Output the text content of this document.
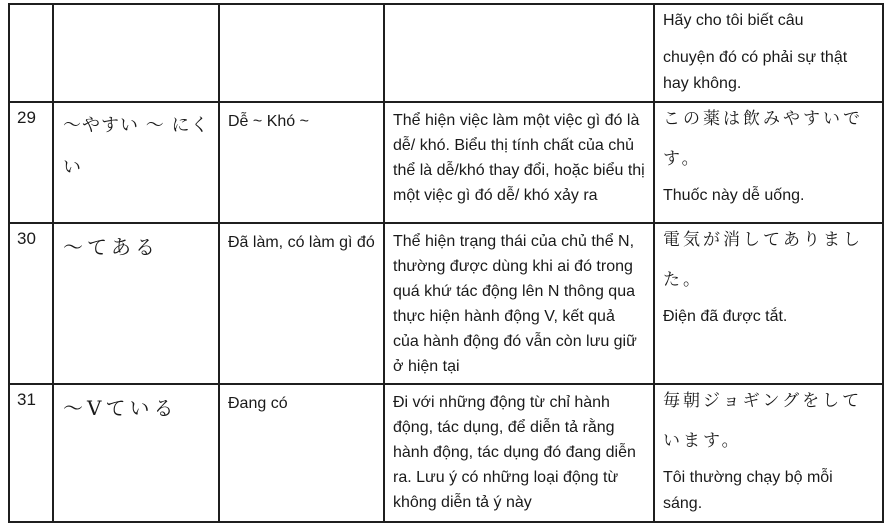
				Hãy cho tôi biết câu

chuyện đó có phải sự thật hay không.

29	〜やすい 〜 にくい	Dễ ~ Khó ~	Thể hiện việc làm một việc gì đó là dễ/ khó. Biểu thị tính chất của chủ thể là dễ/khó thay đổi, hoặc biểu thị một việc gì đó dễ/ khó xảy ra	この薬は飲みやすいです。

Thuốc này dễ uống.

30	〜てある	Đã làm, có làm gì đó	Thể hiện trạng thái của chủ thể N, thường được dùng khi ai đó trong quá khứ tác động lên N thông qua thực hiện hành động V, kết quả của hành động đó vẫn còn lưu giữ ở hiện tại	電気が消してありました。

Điện đã được tắt.

31	〜Vている	Đang có	Đi với những động từ chỉ hành động, tác dụng, để diễn tả rằng hành động, tác dụng đó đang diễn ra. Lưu ý có những loại động từ không diễn tả ý này	毎朝ジョギングをしています。

Tôi thường chạy bộ mỗi sáng.
